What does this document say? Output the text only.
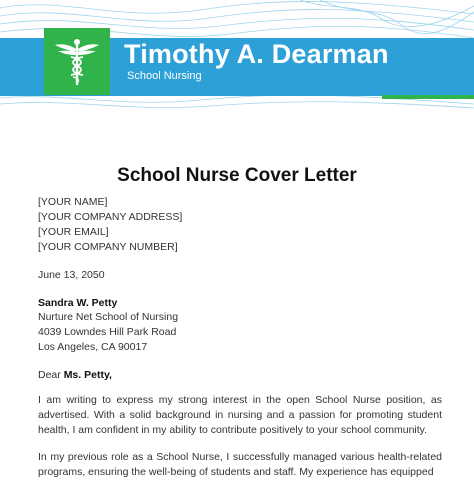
Timothy A. Dearman

School Nursing

School Nurse Cover Letter

[YOUR NAME]

[YOUR COMPANY ADDRESS]

[YOUR EMAIL]

[YOUR COMPANY NUMBER]

June 13, 2050

Sandra W. Petty

Nurture Net School of Nursing

4039 Lowndes Hill Park Road

Los Angeles, CA 90017

Dear Ms. Petty,

I am writing to express my strong interest in the open School Nurse position, as advertised. With a solid background in nursing and a passion for promoting student health, I am confident in my ability to contribute positively to your school community.

In my previous role as a School Nurse, I successfully managed various health-related programs, ensuring the well-being of students and staff. My experience has equipped
